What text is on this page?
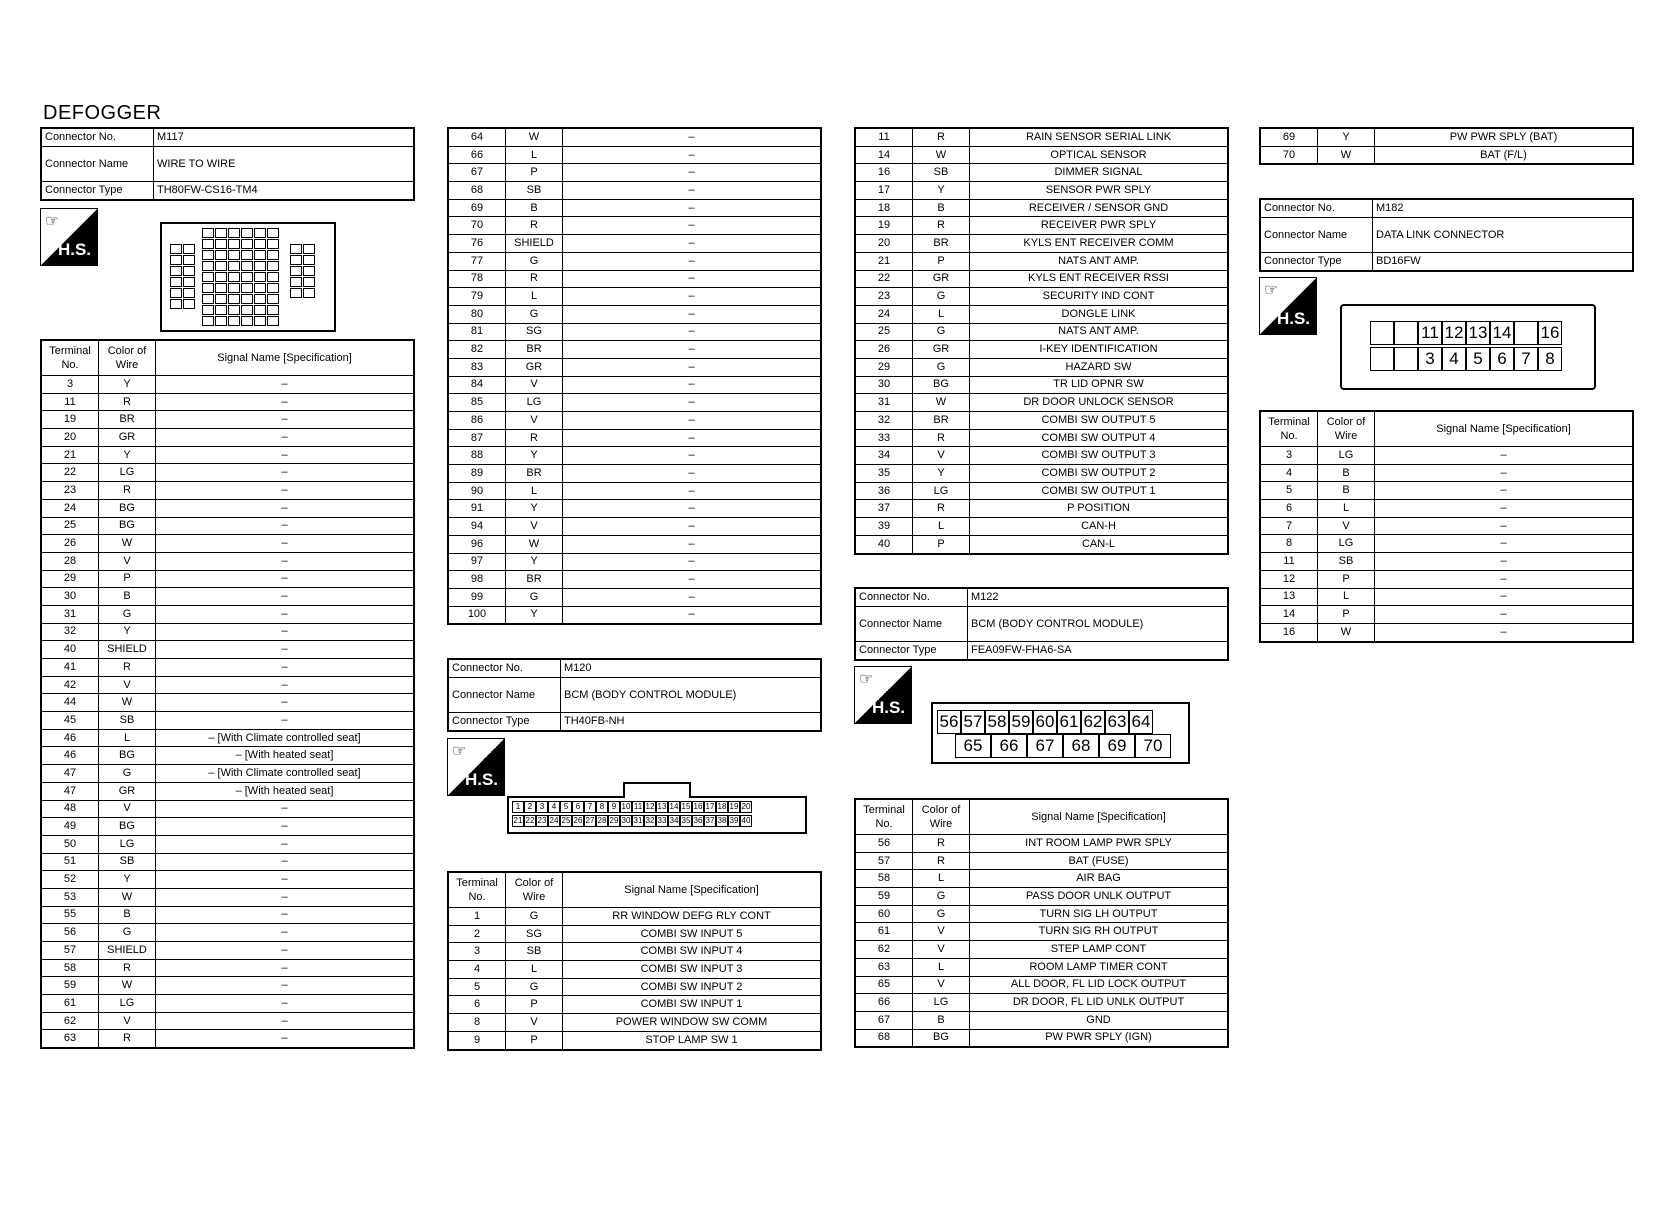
DEFOGGER
Connector No.	M117
Connector Name	WIRE TO WIRE
Connector Type	TH80FW-CS16-TM4
☞
H.S.
Terminal No.	Color of Wire	Signal Name [Specification]
3	Y	–
11	R	–
19	BR	–
20	GR	–
21	Y	–
22	LG	–
23	R	–
24	BG	–
25	BG	–
26	W	–
28	V	–
29	P	–
30	B	–
31	G	–
32	Y	–
40	SHIELD	–
41	R	–
42	V	–
44	W	–
45	SB	–
46	L	– [With Climate controlled seat]
46	BG	– [With heated seat]
47	G	– [With Climate controlled seat]
47	GR	– [With heated seat]
48	V	–
49	BG	–
50	LG	–
51	SB	–
52	Y	–
53	W	–
55	B	–
56	G	–
57	SHIELD	–
58	R	–
59	W	–
61	LG	–
62	V	–
63	R	–
64	W	–
66	L	–
67	P	–
68	SB	–
69	B	–
70	R	–
76	SHIELD	–
77	G	–
78	R	–
79	L	–
80	G	–
81	SG	–
82	BR	–
83	GR	–
84	V	–
85	LG	–
86	V	–
87	R	–
88	Y	–
89	BR	–
90	L	–
91	Y	–
94	V	–
96	W	–
97	Y	–
98	BR	–
99	G	–
100	Y	–
Connector No.	M120
Connector Name	BCM (BODY CONTROL MODULE)
Connector Type	TH40FB-NH
☞
H.S.
1 2 3 4 5 6 7 8 9 10 11 12 13 14 15 16 17 18 19 20
21 22 23 24 25 26 27 28 29 30 31 32 33 34 35 36 37 38 39 40
Terminal No.	Color of Wire	Signal Name [Specification]
1	G	RR WINDOW DEFG RLY CONT
2	SG	COMBI SW INPUT 5
3	SB	COMBI SW INPUT 4
4	L	COMBI SW INPUT 3
5	G	COMBI SW INPUT 2
6	P	COMBI SW INPUT 1
8	V	POWER WINDOW SW COMM
9	P	STOP LAMP SW 1
11	R	RAIN SENSOR SERIAL LINK
14	W	OPTICAL SENSOR
16	SB	DIMMER SIGNAL
17	Y	SENSOR PWR SPLY
18	B	RECEIVER / SENSOR GND
19	R	RECEIVER PWR SPLY
20	BR	KYLS ENT RECEIVER COMM
21	P	NATS ANT AMP.
22	GR	KYLS ENT RECEIVER RSSI
23	G	SECURITY IND CONT
24	L	DONGLE LINK
25	G	NATS ANT AMP.
26	GR	I-KEY IDENTIFICATION
29	G	HAZARD SW
30	BG	TR LID OPNR SW
31	W	DR DOOR UNLOCK SENSOR
32	BR	COMBI SW OUTPUT 5
33	R	COMBI SW OUTPUT 4
34	V	COMBI SW OUTPUT 3
35	Y	COMBI SW OUTPUT 2
36	LG	COMBI SW OUTPUT 1
37	R	P POSITION
39	L	CAN-H
40	P	CAN-L
Connector No.	M122
Connector Name	BCM (BODY CONTROL MODULE)
Connector Type	FEA09FW-FHA6-SA
☞
H.S.
56 57 58 59 60 61 62 63 64
65	66	67	68	69	70
Terminal No.	Color of Wire	Signal Name [Specification]
56	R	INT ROOM LAMP PWR SPLY
57	R	BAT (FUSE)
58	L	AIR BAG
59	G	PASS DOOR UNLK OUTPUT
60	G	TURN SIG LH OUTPUT
61	V	TURN SIG RH OUTPUT
62	V	STEP LAMP CONT
63	L	ROOM LAMP TIMER CONT
65	V	ALL DOOR, FL LID LOCK OUTPUT
66	LG	DR DOOR, FL LID UNLK OUTPUT
67	B	GND
68	BG	PW PWR SPLY (IGN)
69	Y	PW PWR SPLY (BAT)
70	W	BAT (F/L)
Connector No.	M182
Connector Name	DATA LINK CONNECTOR
Connector Type	BD16FW
☞
H.S.
11 12 13 14 16
3 4 5 6 7 8
Terminal No.	Color of Wire	Signal Name [Specification]
3	LG	–
4	B	–
5	B	–
6	L	–
7	V	–
8	LG	–
11	SB	–
12	P	–
13	L	–
14	P	–
16	W	–
